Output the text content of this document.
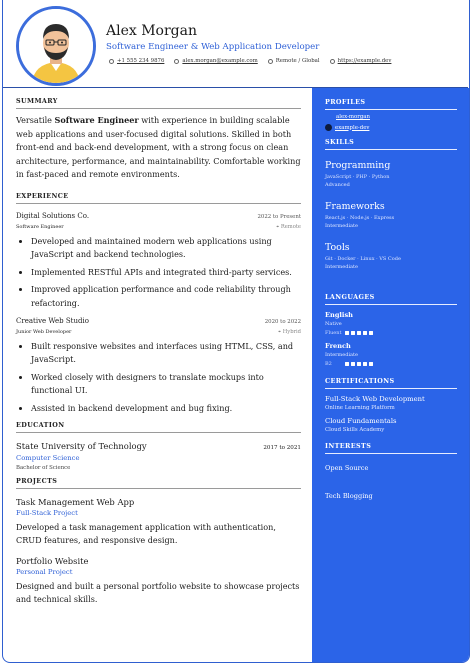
Alex Morgan
Software Engineer & Web Application Developer
+1 555 234 9876	alex.morgan@example.com	Remote / Global	https://example.dev
SUMMARY

Versatile Software Engineer with experience in building scalable web applications and user-focused digital solutions. Skilled in both front-end and back-end development, with a strong focus on clean architecture, performance, and maintainability. Comfortable working in fast-paced and remote environments.

EXPERIENCE
Digital Solutions Co.	2022 to Present
Software Engineer	⌖ Remote
• Developed and maintained modern web applications using JavaScript and backend technologies.
• Implemented RESTful APIs and integrated third-party services.
• Improved application performance and code reliability through refactoring.
Creative Web Studio	2020 to 2022
Junior Web Developer	⌖ Hybrid
• Built responsive websites and interfaces using HTML, CSS, and JavaScript.
• Worked closely with designers to translate mockups into functional UI.
• Assisted in backend development and bug fixing.
EDUCATION
State University of Technology	2017 to 2021
Computer Science
Bachelor of Science
PROJECTS
Task Management Web App
Full-Stack Project
Developed a task management application with authentication, CRUD features, and responsive design.
Portfolio Website
Personal Project
Designed and built a personal portfolio website to showcase projects and technical skills.
PROFILES
alex-morgan
example-dev
SKILLS
Programming
JavaScript · PHP · Python
Advanced
Frameworks
React.js · Node.js · Express
Intermediate
Tools
Git · Docker · Linux · VS Code
Intermediate
LANGUAGES
English
Native
Fluent
French
Intermediate
B2
CERTIFICATIONS
Full-Stack Web Development
Online Learning Platform
Cloud Fundamentals
Cloud Skills Academy
INTERESTS
Open Source
Tech Blogging
